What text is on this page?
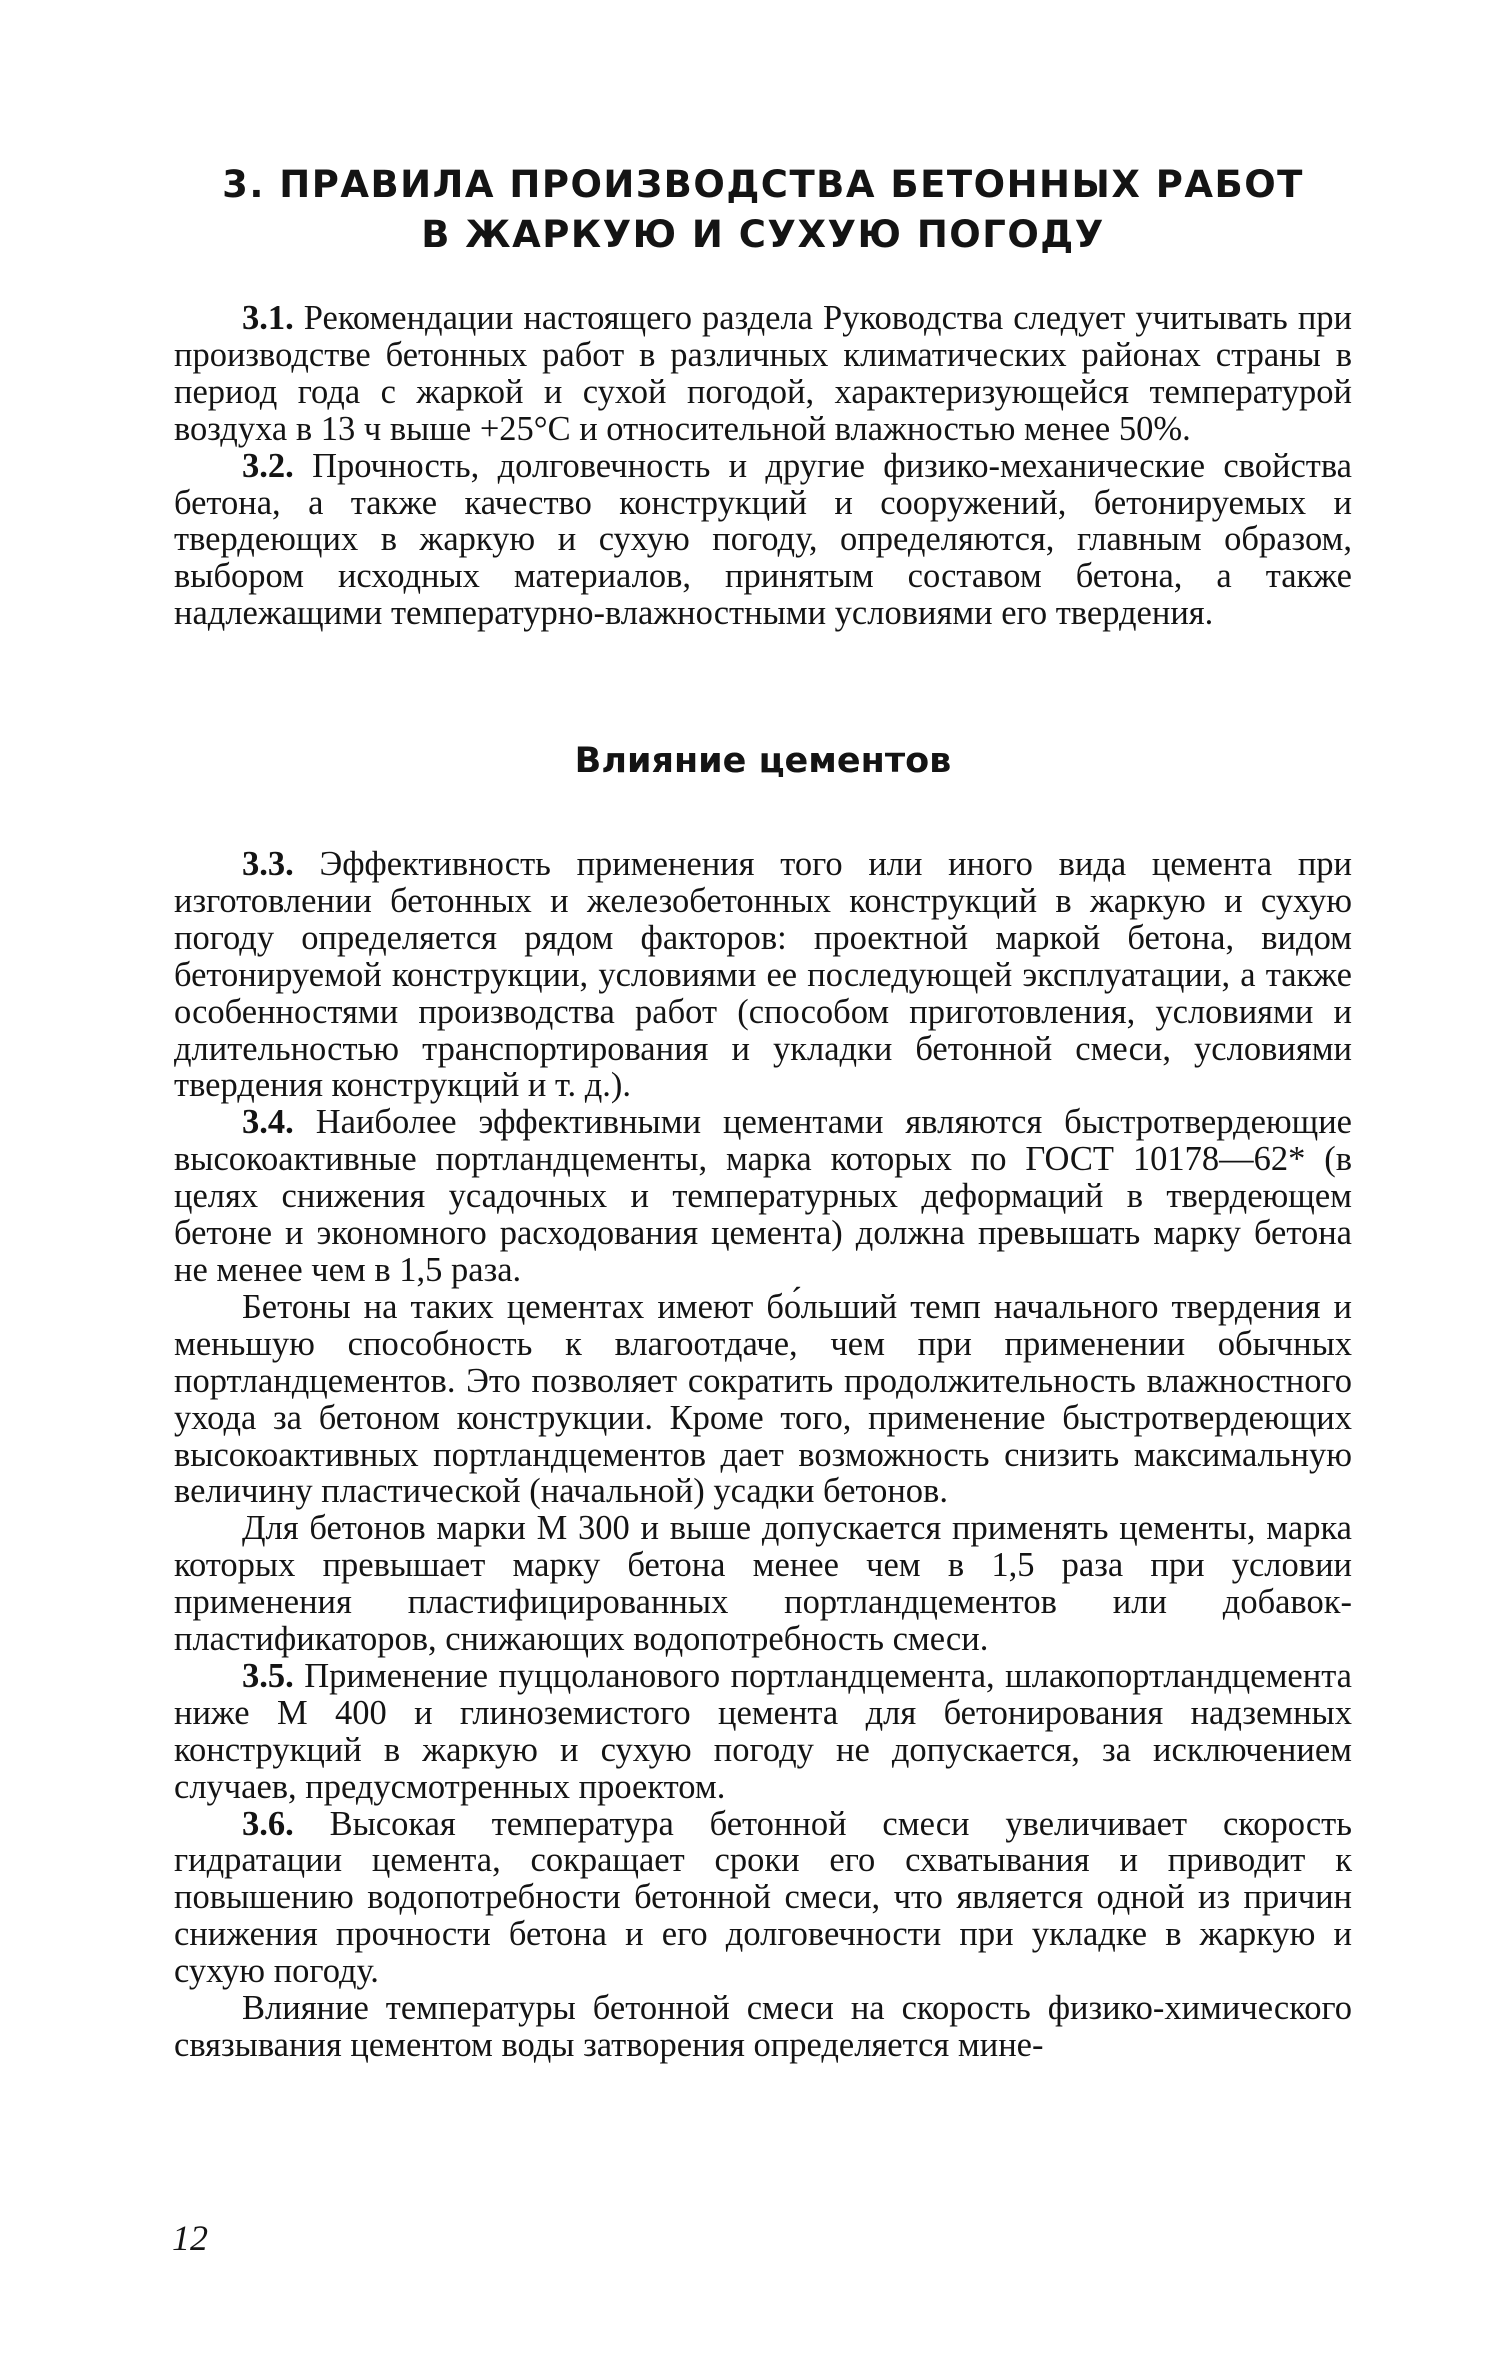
3. ПРАВИЛА ПРОИЗВОДСТВА БЕТОННЫХ РАБОТ
В ЖАРКУЮ И СУХУЮ ПОГОДУ

3.1. Рекомендации настоящего раздела Руководства следует учитывать при производстве бетонных работ в различных климатических районах страны в период года с жаркой и сухой погодой, характеризующейся температурой воздуха в 13 ч выше +25°С и относительной влажностью менее 50%.

3.2. Прочность, долговечность и другие физико-механические свойства бетона, а также качество конструкций и сооружений, бетонируемых и твердеющих в жаркую и сухую погоду, определяются, главным образом, выбором исходных материалов, принятым составом бетона, а также надлежащими температурно-влажностными условиями его твердения.

Влияние цементов

3.3. Эффективность применения того или иного вида цемента при изготовлении бетонных и железобетонных конструкций в жаркую и сухую погоду определяется рядом факторов: проектной маркой бетона, видом бетонируемой конструкции, условиями ее последующей эксплуатации, а также особенностями производства работ (способом приготовления, условиями и длительностью транспортирования и укладки бетонной смеси, условиями твердения конструкций и т. д.).

3.4. Наиболее эффективными цементами являются быстротвердеющие высокоактивные портландцементы, марка которых по ГОСТ 10178—62* (в целях снижения усадочных и температурных деформаций в твердеющем бетоне и экономного расходования цемента) должна превышать марку бетона не менее чем в 1,5 раза.

Бетоны на таких цементах имеют бо́льший темп начального твердения и меньшую способность к влагоотдаче, чем при применении обычных портландцементов. Это позволяет сократить продолжительность влажностного ухода за бетоном конструкции. Кроме того, применение быстротвердеющих высокоактивных портландцементов дает возможность снизить максимальную величину пластической (начальной) усадки бетонов.

Для бетонов марки М 300 и выше допускается применять цементы, марка которых превышает марку бетона менее чем в 1,5 раза при условии применения пластифицированных портландцементов или добавок-пластификаторов, снижающих водопотребность смеси.

3.5. Применение пуццоланового портландцемента, шлакопортландцемента ниже М 400 и глиноземистого цемента для бетонирования надземных конструкций в жаркую и сухую погоду не допускается, за исключением случаев, предусмотренных проектом.

3.6. Высокая температура бетонной смеси увеличивает скорость гидратации цемента, сокращает сроки его схватывания и приводит к повышению водопотребности бетонной смеси, что является одной из причин снижения прочности бетона и его долговечности при укладке в жаркую и сухую погоду.

Влияние температуры бетонной смеси на скорость физико-химического связывания цементом воды затворения определяется мине-

12
